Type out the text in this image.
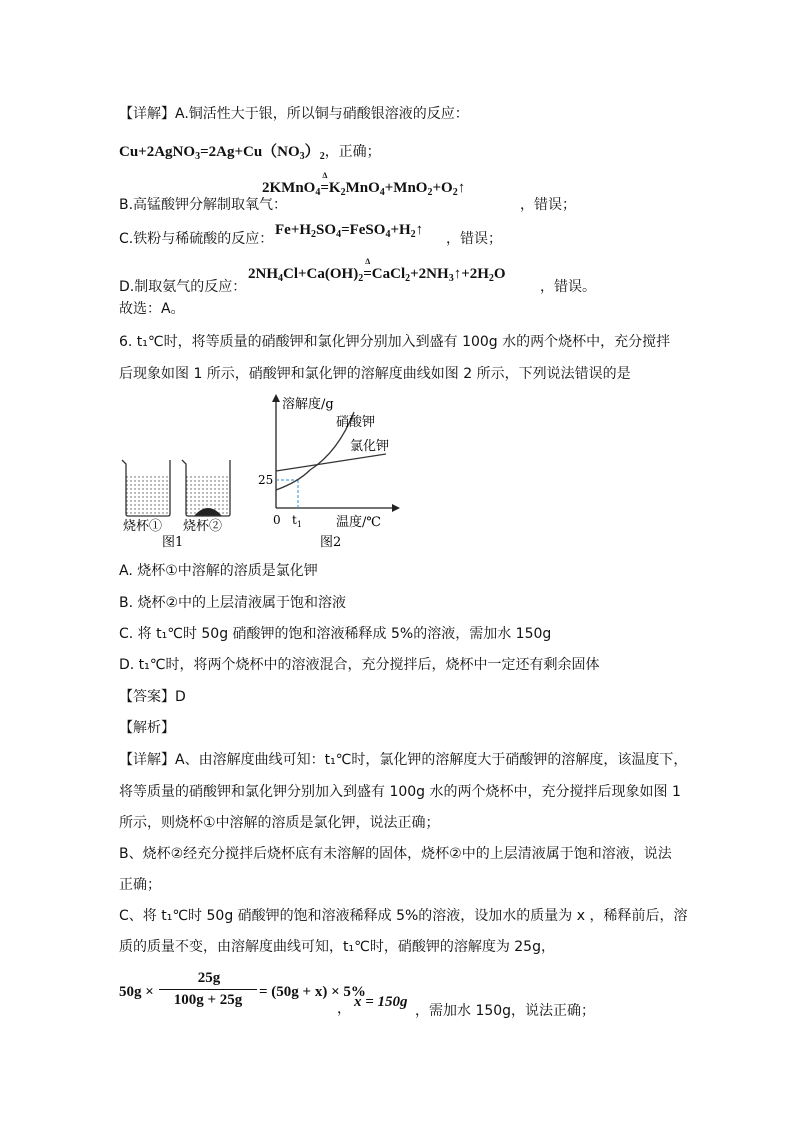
【详解】A.铜活性大于银，所以铜与硝酸银溶液的反应：
$Cu+2AgNO_3=2Ag+Cu(NO_3)_2$，正确；
B.高锰酸钾分解制取氧气：
2KMnO$_4$
Δ
$=K_2MnO_4+MnO_2+O_2↑$
，错误；
C.铁粉与稀硫酸的反应：
$Fe+H_2SO_4=FeSO_4+H_2↑$
，错误；
D.制取氨气的反应：
$2NH_4Cl+Ca(OH)_2$
Δ
$=CaCl_2+2NH_3↑+2H_2O$
，错误。
故选：A。
6. t₁℃时，将等质量的硝酸钾和氯化钾分别加入到盛有 100g 水的两个烧杯中，充分搅拌
后现象如图 1 所示，硝酸钾和氯化钾的溶解度曲线如图 2 所示，下列说法错误的是
烧杯① 烧杯②
图1
溶解度/g
温度/℃
0 $t_1$
25
硝酸钾
氯化钾
图2
A. 烧杯①中溶解的溶质是氯化钾
B. 烧杯②中的上层清液属于饱和溶液
C. 将 t₁℃时 50g 硝酸钾的饱和溶液稀释成 5%的溶液，需加水 150g
D. t₁℃时，将两个烧杯中的溶液混合，充分搅拌后，烧杯中一定还有剩余固体
【答案】D
【解析】
【详解】A、由溶解度曲线可知：t₁℃时，氯化钾的溶解度大于硝酸钾的溶解度，该温度下，
将等质量的硝酸钾和氯化钾分别加入到盛有 100g 水的两个烧杯中，充分搅拌后现象如图 1
所示，则烧杯①中溶解的溶质是氯化钾，说法正确；
B、烧杯②经充分搅拌后烧杯底有未溶解的固体，烧杯②中的上层清液属于饱和溶液，说法
正确；
C、将 t₁℃时 50g 硝酸钾的饱和溶液稀释成 5%的溶液，设加水的质量为 x ，稀释前后，溶
质的质量不变，由溶解度曲线可知，t₁℃时，硝酸钾的溶解度为 25g，
50g ×
25g
100g + 25g	= (50g + x) × 5%
， x = 150g
，需加水 150g，说法正确；
